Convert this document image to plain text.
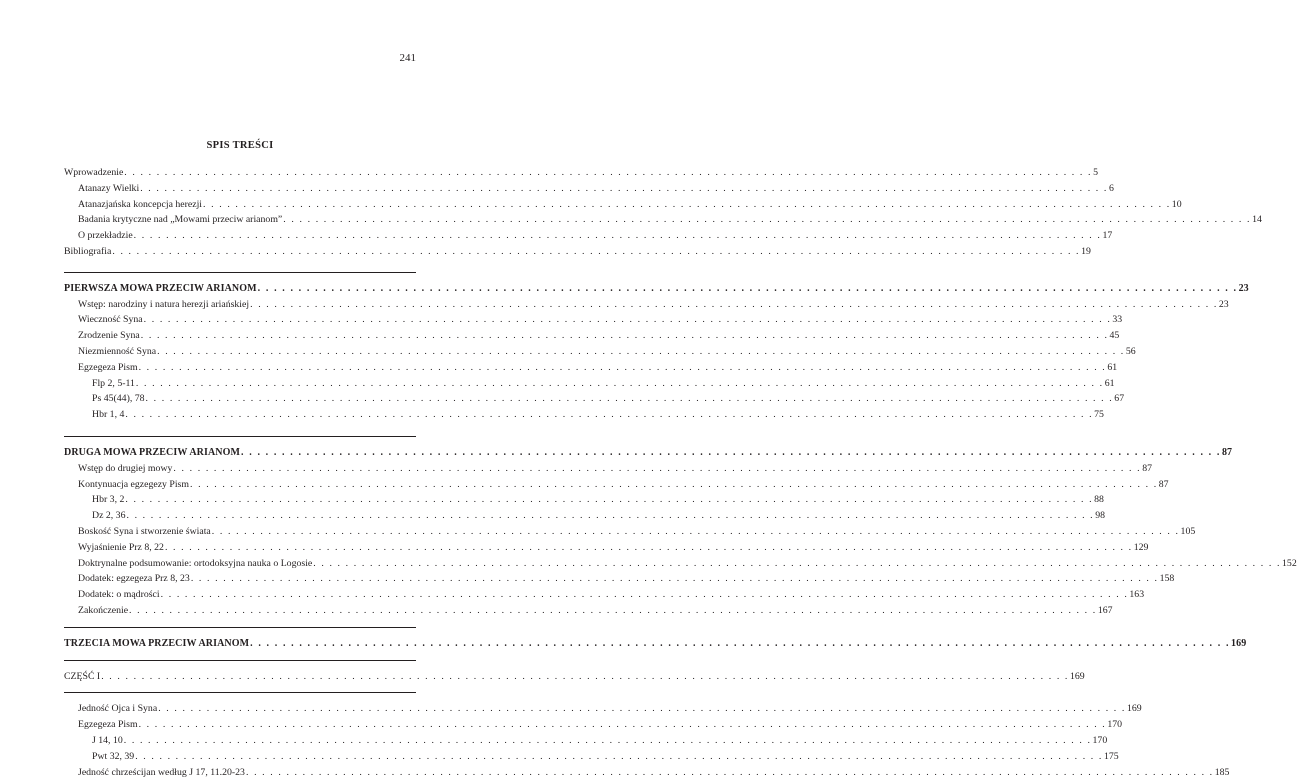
241
SPIS TREŚCI
Wprowadzenie . . . . . . . . . . . . . . . . . . . . . . . . . . . . . . . . . . . . . . . . . . . . . . . . . . . . . . . . . . . . . . . . . . . . . . . . . . . . . . . . . . . . . . . . . . . . . . . . . . . . . . . . . . . . . . . . . . . . . . . . 5
Atanazy Wielki . . . . . . . . . . . . . . . . . . . . . . . . . . . . . . . . . . . . . . . . . . . . . . . . . . . . . . . . . . . . . . . . . . . . . . . . . . . . . . . . . . . . . . . . . . . . . . . . . . . . . . . . . . . . . . . . . . . . . . . . 6
Atanazjańska koncepcja herezji . . . . . . . . . . . . . . . . . . . . . . . . . . . . . . . . . . . . . . . . . . . . . . . . . . . . . . . . . . . . . . . . . . . . . . . . . . . . . . . . . . . . . . . . . . . . . . . . . . . . . . . . . . . . . . . . . . . . . . . . 10
Badania krytyczne nad „Mowami przeciw arianom” . . . . . . . . . . . . . . . . . . . . . . . . . . . . . . . . . . . . . . . . . . . . . . . . . . . . . . . . . . . . . . . . . . . . . . . . . . . . . . . . . . . . . . . . . . . . . . . . . . . . . . . . . . . . . . . . . . . . . . . . 14
O przekładzie . . . . . . . . . . . . . . . . . . . . . . . . . . . . . . . . . . . . . . . . . . . . . . . . . . . . . . . . . . . . . . . . . . . . . . . . . . . . . . . . . . . . . . . . . . . . . . . . . . . . . . . . . . . . . . . . . . . . . . . . 17
Bibliografia . . . . . . . . . . . . . . . . . . . . . . . . . . . . . . . . . . . . . . . . . . . . . . . . . . . . . . . . . . . . . . . . . . . . . . . . . . . . . . . . . . . . . . . . . . . . . . . . . . . . . . . . . . . . . . . . . . . . . . . . 19
PIERWSZA MOWA PRZECIW ARIANOM . . . . . . . . . . . . . . . . . . . . . . . . . . . . . . . . . . . . . . . . . . . . . . . . . . . . . . . . . . . . . . . . . . . . . . . . . . . . . . . . . . . . . . . . . . . . . . . . . . . . . . . . . . . . . . . . . . . . . . . . 23
Wstęp: narodziny i natura herezji ariańskiej . . . . . . . . . . . . . . . . . . . . . . . . . . . . . . . . . . . . . . . . . . . . . . . . . . . . . . . . . . . . . . . . . . . . . . . . . . . . . . . . . . . . . . . . . . . . . . . . . . . . . . . . . . . . . . . . . . . . . . . . 23
Wieczność Syna . . . . . . . . . . . . . . . . . . . . . . . . . . . . . . . . . . . . . . . . . . . . . . . . . . . . . . . . . . . . . . . . . . . . . . . . . . . . . . . . . . . . . . . . . . . . . . . . . . . . . . . . . . . . . . . . . . . . . . . . 33
Zrodzenie Syna . . . . . . . . . . . . . . . . . . . . . . . . . . . . . . . . . . . . . . . . . . . . . . . . . . . . . . . . . . . . . . . . . . . . . . . . . . . . . . . . . . . . . . . . . . . . . . . . . . . . . . . . . . . . . . . . . . . . . . . . 45
Niezmienność Syna . . . . . . . . . . . . . . . . . . . . . . . . . . . . . . . . . . . . . . . . . . . . . . . . . . . . . . . . . . . . . . . . . . . . . . . . . . . . . . . . . . . . . . . . . . . . . . . . . . . . . . . . . . . . . . . . . . . . . . . . 56
Egzegeza Pism . . . . . . . . . . . . . . . . . . . . . . . . . . . . . . . . . . . . . . . . . . . . . . . . . . . . . . . . . . . . . . . . . . . . . . . . . . . . . . . . . . . . . . . . . . . . . . . . . . . . . . . . . . . . . . . . . . . . . . . . 61
Flp 2, 5-11 . . . . . . . . . . . . . . . . . . . . . . . . . . . . . . . . . . . . . . . . . . . . . . . . . . . . . . . . . . . . . . . . . . . . . . . . . . . . . . . . . . . . . . . . . . . . . . . . . . . . . . . . . . . . . . . . . . . . . . . . 61
Ps 45(44), 78 . . . . . . . . . . . . . . . . . . . . . . . . . . . . . . . . . . . . . . . . . . . . . . . . . . . . . . . . . . . . . . . . . . . . . . . . . . . . . . . . . . . . . . . . . . . . . . . . . . . . . . . . . . . . . . . . . . . . . . . . 67
Hbr 1, 4 . . . . . . . . . . . . . . . . . . . . . . . . . . . . . . . . . . . . . . . . . . . . . . . . . . . . . . . . . . . . . . . . . . . . . . . . . . . . . . . . . . . . . . . . . . . . . . . . . . . . . . . . . . . . . . . . . . . . . . . . 75
DRUGA MOWA PRZECIW ARIANOM . . . . . . . . . . . . . . . . . . . . . . . . . . . . . . . . . . . . . . . . . . . . . . . . . . . . . . . . . . . . . . . . . . . . . . . . . . . . . . . . . . . . . . . . . . . . . . . . . . . . . . . . . . . . . . . . . . . . . . . . 87
Wstęp do drugiej mowy . . . . . . . . . . . . . . . . . . . . . . . . . . . . . . . . . . . . . . . . . . . . . . . . . . . . . . . . . . . . . . . . . . . . . . . . . . . . . . . . . . . . . . . . . . . . . . . . . . . . . . . . . . . . . . . . . . . . . . . . 87
Kontynuacja egzegezy Pism . . . . . . . . . . . . . . . . . . . . . . . . . . . . . . . . . . . . . . . . . . . . . . . . . . . . . . . . . . . . . . . . . . . . . . . . . . . . . . . . . . . . . . . . . . . . . . . . . . . . . . . . . . . . . . . . . . . . . . . . 87
Hbr 3, 2 . . . . . . . . . . . . . . . . . . . . . . . . . . . . . . . . . . . . . . . . . . . . . . . . . . . . . . . . . . . . . . . . . . . . . . . . . . . . . . . . . . . . . . . . . . . . . . . . . . . . . . . . . . . . . . . . . . . . . . . . 88
Dz 2, 36 . . . . . . . . . . . . . . . . . . . . . . . . . . . . . . . . . . . . . . . . . . . . . . . . . . . . . . . . . . . . . . . . . . . . . . . . . . . . . . . . . . . . . . . . . . . . . . . . . . . . . . . . . . . . . . . . . . . . . . . . 98
Boskość Syna i stworzenie świata . . . . . . . . . . . . . . . . . . . . . . . . . . . . . . . . . . . . . . . . . . . . . . . . . . . . . . . . . . . . . . . . . . . . . . . . . . . . . . . . . . . . . . . . . . . . . . . . . . . . . . . . . . . . . . . . . . . . . . . . 105
Wyjaśnienie Prz 8, 22 . . . . . . . . . . . . . . . . . . . . . . . . . . . . . . . . . . . . . . . . . . . . . . . . . . . . . . . . . . . . . . . . . . . . . . . . . . . . . . . . . . . . . . . . . . . . . . . . . . . . . . . . . . . . . . . . . . . . . . . . 129
Doktrynalne podsumowanie: ortodoksyjna nauka o Logosie . . . . . . . . . . . . . . . . . . . . . . . . . . . . . . . . . . . . . . . . . . . . . . . . . . . . . . . . . . . . . . . . . . . . . . . . . . . . . . . . . . . . . . . . . . . . . . . . . . . . . . . . . . . . . . . . . . . . . . . . 152
Dodatek: egzegeza Prz 8, 23 . . . . . . . . . . . . . . . . . . . . . . . . . . . . . . . . . . . . . . . . . . . . . . . . . . . . . . . . . . . . . . . . . . . . . . . . . . . . . . . . . . . . . . . . . . . . . . . . . . . . . . . . . . . . . . . . . . . . . . . . 158
Dodatek: o mądrości . . . . . . . . . . . . . . . . . . . . . . . . . . . . . . . . . . . . . . . . . . . . . . . . . . . . . . . . . . . . . . . . . . . . . . . . . . . . . . . . . . . . . . . . . . . . . . . . . . . . . . . . . . . . . . . . . . . . . . . . 163
Zakończenie . . . . . . . . . . . . . . . . . . . . . . . . . . . . . . . . . . . . . . . . . . . . . . . . . . . . . . . . . . . . . . . . . . . . . . . . . . . . . . . . . . . . . . . . . . . . . . . . . . . . . . . . . . . . . . . . . . . . . . . . 167
TRZECIA MOWA PRZECIW ARIANOM . . . . . . . . . . . . . . . . . . . . . . . . . . . . . . . . . . . . . . . . . . . . . . . . . . . . . . . . . . . . . . . . . . . . . . . . . . . . . . . . . . . . . . . . . . . . . . . . . . . . . . . . . . . . . . . . . . . . . . . . 169
CZĘŚĆ I . . . . . . . . . . . . . . . . . . . . . . . . . . . . . . . . . . . . . . . . . . . . . . . . . . . . . . . . . . . . . . . . . . . . . . . . . . . . . . . . . . . . . . . . . . . . . . . . . . . . . . . . . . . . . . . . . . . . . . . . 169
Jedność Ojca i Syna . . . . . . . . . . . . . . . . . . . . . . . . . . . . . . . . . . . . . . . . . . . . . . . . . . . . . . . . . . . . . . . . . . . . . . . . . . . . . . . . . . . . . . . . . . . . . . . . . . . . . . . . . . . . . . . . . . . . . . . . 169
Egzegeza Pism . . . . . . . . . . . . . . . . . . . . . . . . . . . . . . . . . . . . . . . . . . . . . . . . . . . . . . . . . . . . . . . . . . . . . . . . . . . . . . . . . . . . . . . . . . . . . . . . . . . . . . . . . . . . . . . . . . . . . . . . 170
J 14, 10 . . . . . . . . . . . . . . . . . . . . . . . . . . . . . . . . . . . . . . . . . . . . . . . . . . . . . . . . . . . . . . . . . . . . . . . . . . . . . . . . . . . . . . . . . . . . . . . . . . . . . . . . . . . . . . . . . . . . . . . . 170
Pwt 32, 39 . . . . . . . . . . . . . . . . . . . . . . . . . . . . . . . . . . . . . . . . . . . . . . . . . . . . . . . . . . . . . . . . . . . . . . . . . . . . . . . . . . . . . . . . . . . . . . . . . . . . . . . . . . . . . . . . . . . . . . . . 175
Jedność chrześcijan według J 17, 11.20-23 . . . . . . . . . . . . . . . . . . . . . . . . . . . . . . . . . . . . . . . . . . . . . . . . . . . . . . . . . . . . . . . . . . . . . . . . . . . . . . . . . . . . . . . . . . . . . . . . . . . . . . . . . . . . . . . . . . . . . . . . 185
